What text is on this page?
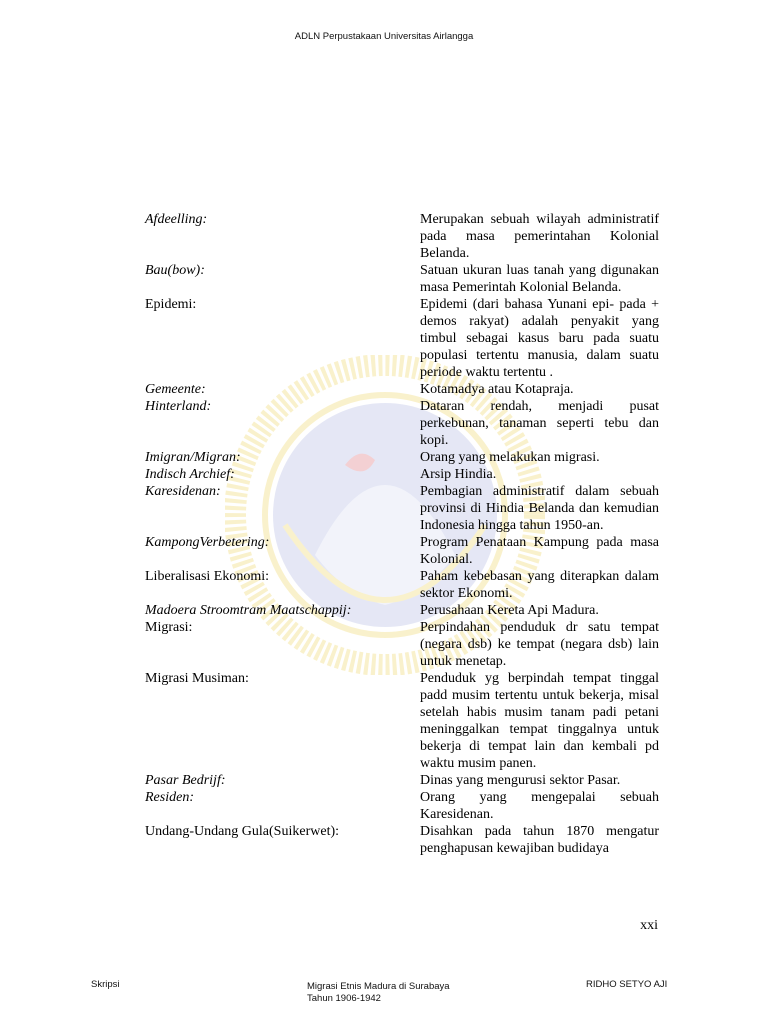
ADLN Perpustakaan Universitas Airlangga
Afdeelling:	Merupakan sebuah wilayah administratif pada masa pemerintahan Kolonial Belanda.
Bau(bow):	Satuan ukuran luas tanah yang digunakan masa Pemerintah Kolonial Belanda.
Epidemi:	Epidemi (dari bahasa Yunani epi- pada + demos rakyat) adalah penyakit yang timbul sebagai kasus baru pada suatu populasi tertentu manusia, dalam suatu periode waktu tertentu .
Gemeente:	Kotamadya atau Kotapraja.
Hinterland:	Dataran rendah, menjadi pusat perkebunan, tanaman seperti tebu dan kopi.
Imigran/Migran:	Orang yang melakukan migrasi.
Indisch Archief:	Arsip Hindia.
Karesidenan:	Pembagian administratif dalam sebuah provinsi di Hindia Belanda dan kemudian Indonesia hingga tahun 1950-an.
KampongVerbetering:	Program Penataan Kampung pada masa Kolonial.
Liberalisasi Ekonomi:	Paham kebebasan yang diterapkan dalam sektor Ekonomi.
Madoera Stroomtram Maatschappij:	Perusahaan Kereta Api Madura.
Migrasi:	Perpindahan penduduk dr satu tempat (negara dsb) ke tempat (negara dsb) lain untuk menetap.
Migrasi Musiman:	Penduduk yg berpindah tempat tinggal padd musim tertentu untuk bekerja, misal setelah habis musim tanam padi petani meninggalkan tempat tinggalnya untuk bekerja di tempat lain dan kembali pd waktu musim panen.
Pasar Bedrijf:	Dinas yang mengurusi sektor Pasar.
Residen:	Orang yang mengepalai sebuah Karesidenan.
Undang-Undang Gula(Suikerwet):	Disahkan pada tahun 1870 mengatur penghapusan kewajiban budidaya
xxi
Skripsi	Migrasi Etnis Madura di Surabaya
Tahun 1906-1942
RIDHO SETYO AJI
